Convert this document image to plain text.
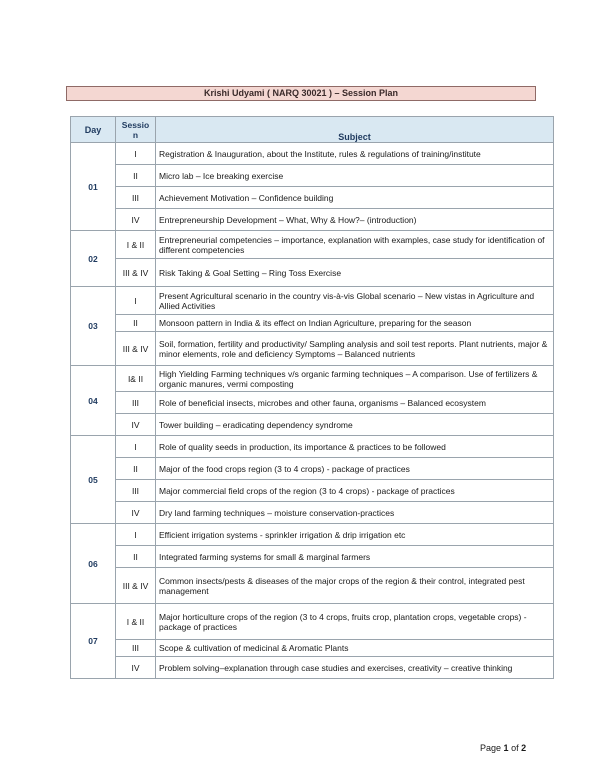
Krishi Udyami ( NARQ 30021 ) – Session Plan
Day	Sessio n	Subject
01	I	Registration & Inauguration, about the Institute, rules & regulations of training/institute
	II	Micro lab – Ice breaking exercise
	III	Achievement Motivation – Confidence building
	IV	Entrepreneurship Development – What, Why & How?– (introduction)
02	I & II	Entrepreneurial competencies – importance, explanation with examples, case study for identification of different competencies
	III & IV	Risk Taking & Goal Setting – Ring Toss Exercise
03	I	Present Agricultural scenario in the country vis-à-vis Global scenario – New vistas in Agriculture and Allied Activities
	II	Monsoon pattern in India & its effect on Indian Agriculture, preparing for the season
	III & IV	Soil, formation, fertility and productivity/ Sampling analysis and soil test reports. Plant nutrients, major & minor elements, role and deficiency Symptoms – Balanced nutrients
04	I& II	High Yielding Farming techniques v/s organic farming techniques – A comparison. Use of fertilizers & organic manures, vermi composting
	III	Role of beneficial insects, microbes and other fauna, organisms – Balanced ecosystem
	IV	Tower building – eradicating dependency syndrome
05	I	Role of quality seeds in production, its importance & practices to be followed
	II	Major of the food crops region (3 to 4 crops) - package of practices
	III	Major commercial field crops of the region (3 to 4 crops) - package of practices
	IV	Dry land farming techniques – moisture conservation-practices
06	I	Efficient irrigation systems - sprinkler irrigation & drip irrigation etc
	II	Integrated farming systems for small & marginal farmers
	III & IV	Common insects/pests & diseases of the major crops of the region & their control, integrated pest management
07	I & II	Major horticulture crops of the region (3 to 4 crops, fruits crop, plantation crops, vegetable crops) - package of practices
	III	Scope & cultivation of medicinal & Aromatic Plants
	IV	Problem solving–explanation through case studies and exercises, creativity – creative thinking
Page 1 of 2
